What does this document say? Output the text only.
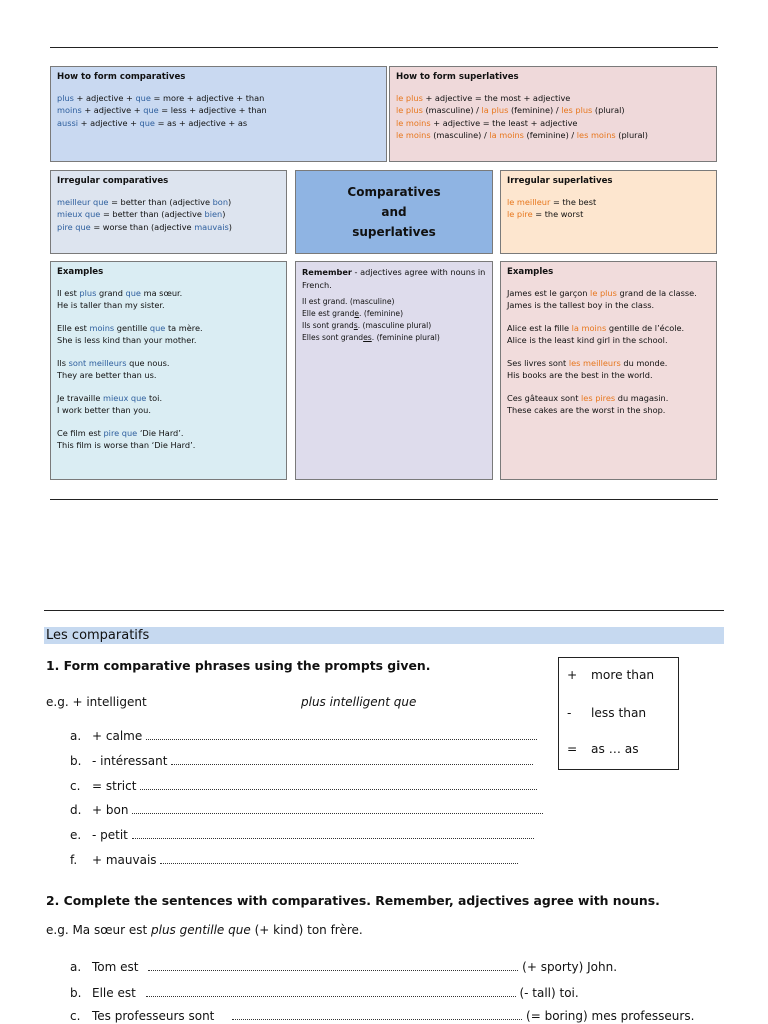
How to form comparatives
plus + adjective + que = more + adjective + than
moins + adjective + que = less + adjective + than
aussi + adjective + que = as + adjective + as
How to form superlatives
le plus + adjective = the most + adjective
le plus (masculine) / la plus (feminine) / les plus (plural)
le moins + adjective = the least + adjective
le moins (masculine) / la moins (feminine) / les moins (plural)
Irregular comparatives
meilleur que = better than (adjective bon)
mieux que = better than (adjective bien)
pire que = worse than (adjective mauvais)
Comparatives
and
superlatives
Irregular superlatives
le meilleur = the best
le pire = the worst
Examples

Il est plus grand que ma sœur.
He is taller than my sister.

Elle est moins gentille que ta mère.
She is less kind than your mother.

Ils sont meilleurs que nous.
They are better than us.

Je travaille mieux que toi.
I work better than you.

Ce film est pire que ‘Die Hard’.
This film is worse than ‘Die Hard’.

Remember - adjectives agree with nouns in French.
Il est grand. (masculine)
Elle est grande. (feminine)
Ils sont grands. (masculine plural)
Elles sont grandes. (feminine plural)
Examples

James est le garçon le plus grand de la classe.
James is the tallest boy in the class.

Alice est la fille la moins gentille de l’école.
Alice is the least kind girl in the school.

Ses livres sont les meilleurs du monde.
His books are the best in the world.

Ces gâteaux sont les pires du magasin.
These cakes are the worst in the shop.

Les comparatifs
1. Form comparative phrases using the prompts given.
e.g. + intelligent	plus intelligent que
a. + calme
b. - intéressant
c. = strict
d. + bon
e. - petit
f. + mauvais
+ more than
- less than
= as … as
2. Complete the sentences with comparatives. Remember, adjectives agree with nouns.
e.g. Ma sœur est plus gentille que (+ kind) ton frère.
a. Tom est	(+ sporty) John.
b. Elle est	(- tall) toi.
c. Tes professeurs sont	(= boring) mes professeurs.
